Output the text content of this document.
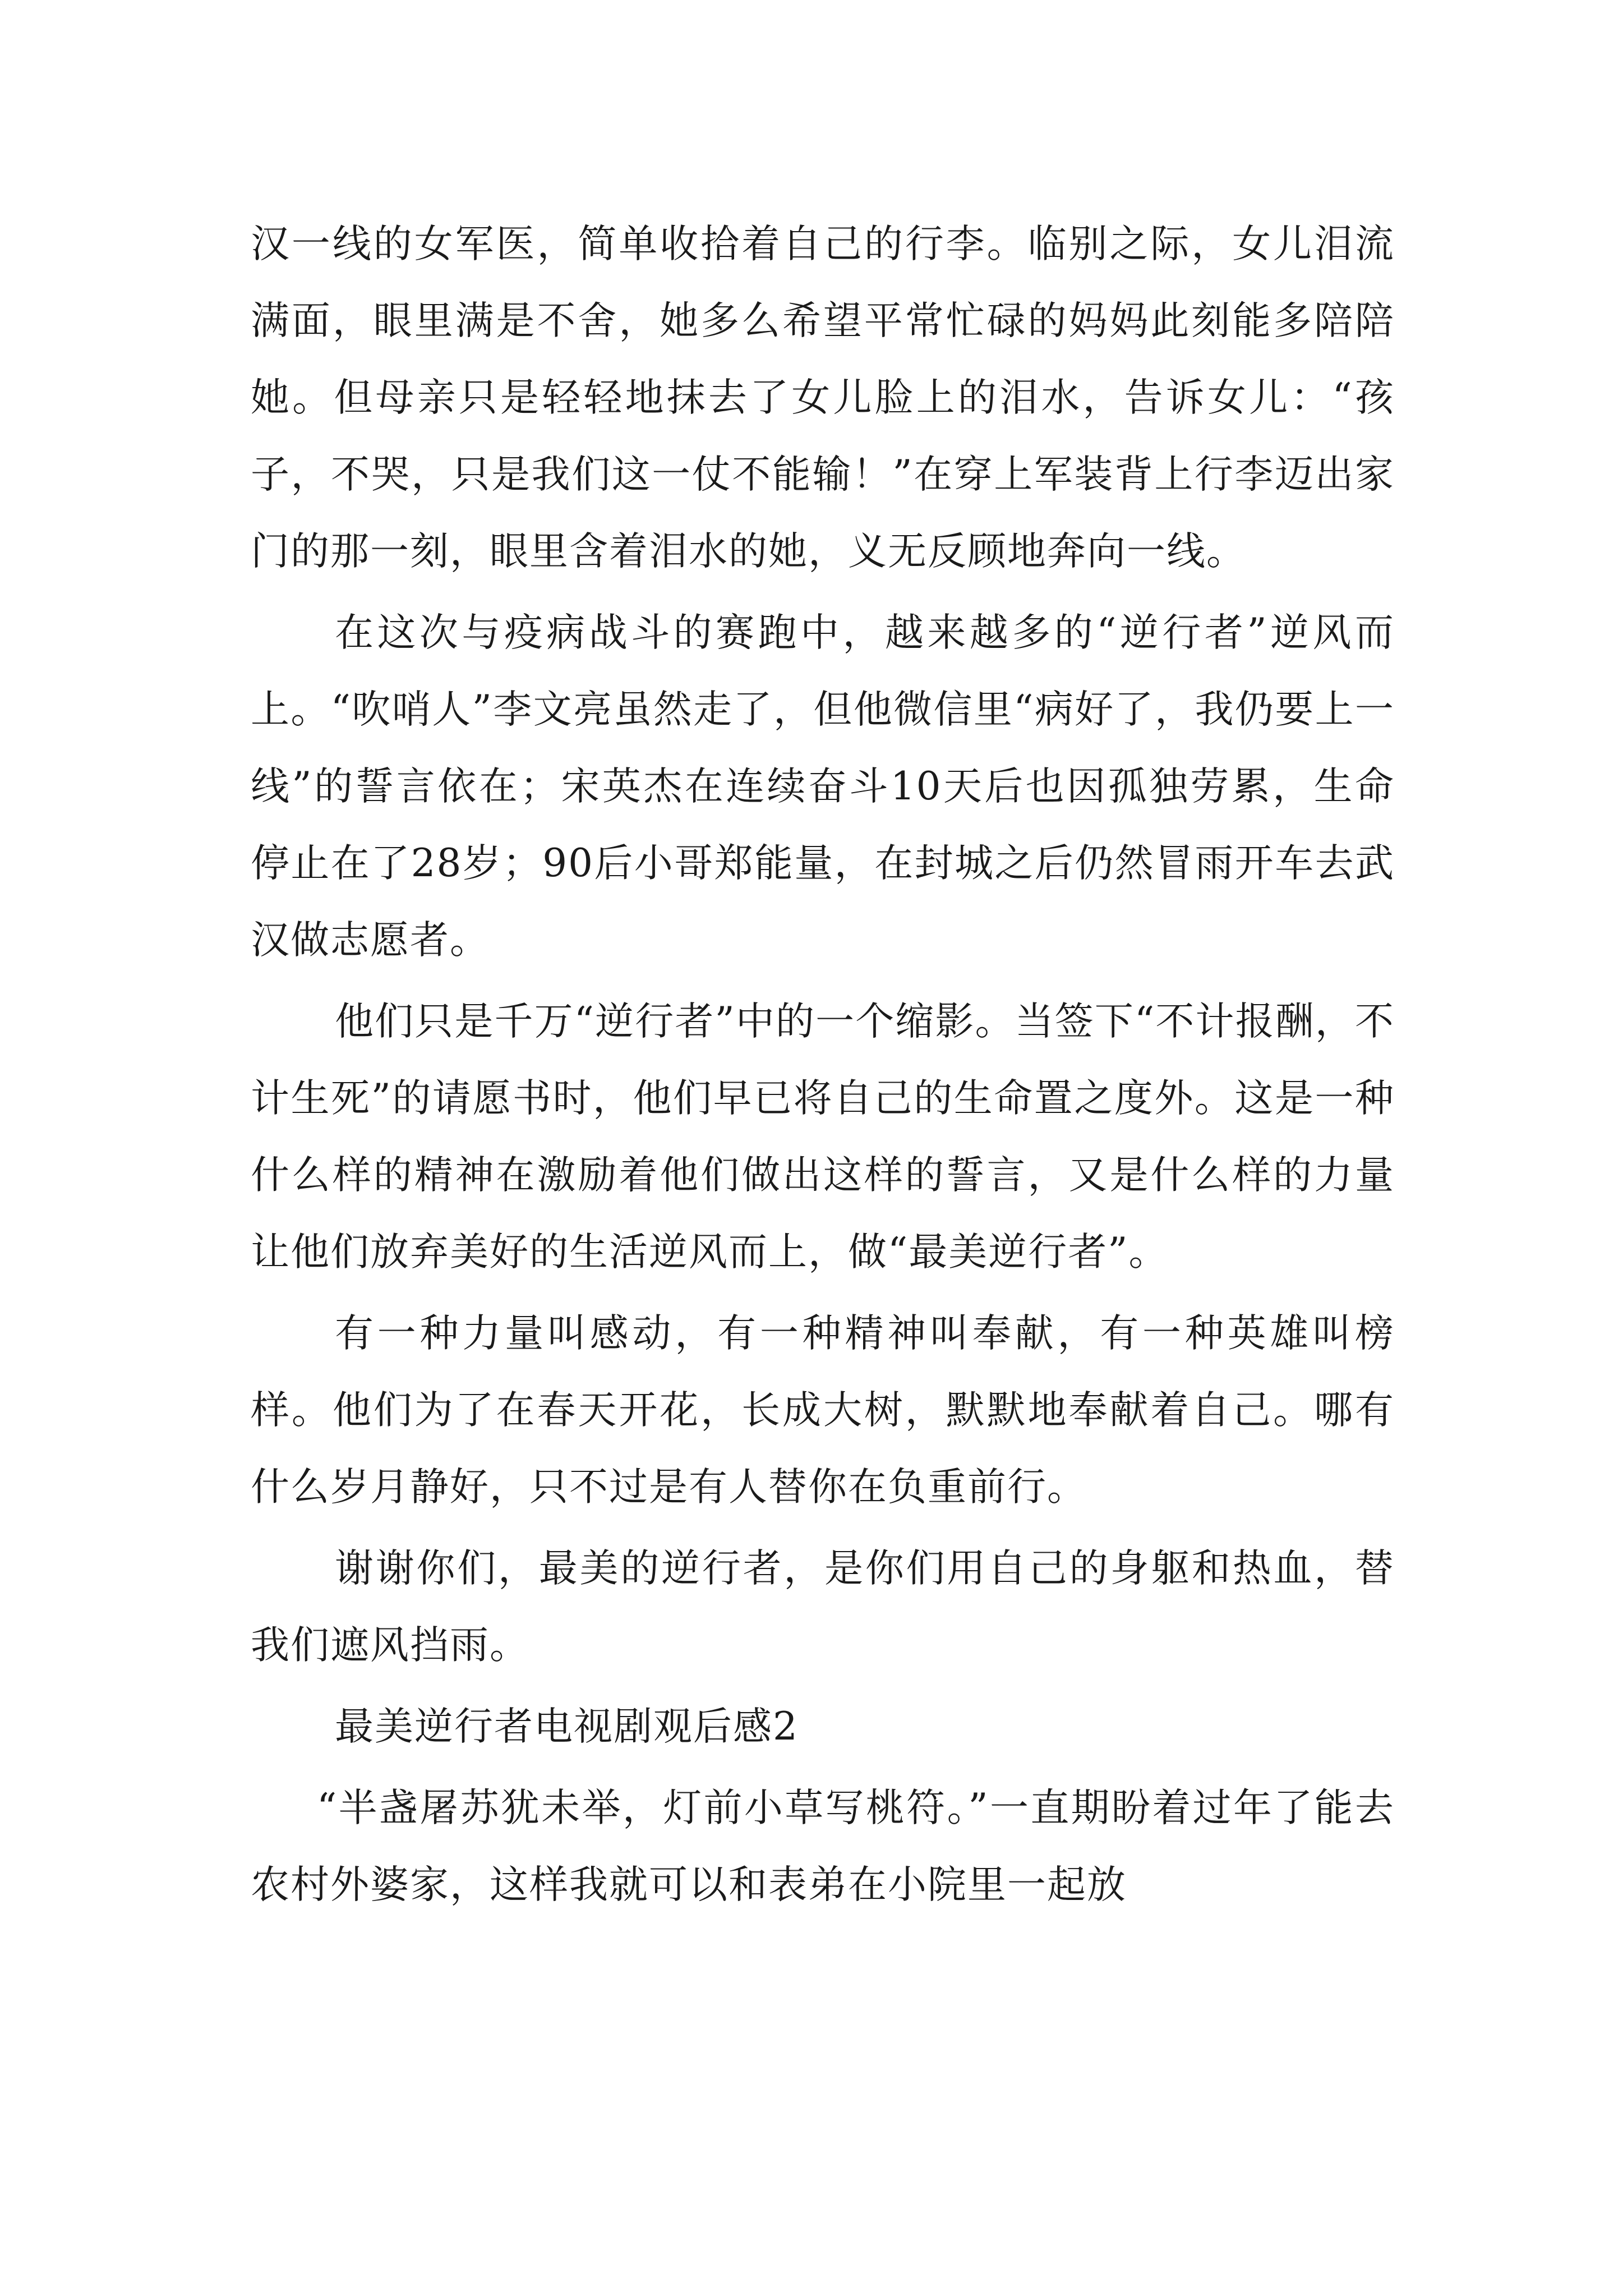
汉一线的女军医，简单收拾着自己的行李。临别之际，女儿泪流满面，眼里满是不舍，她多么希望平常忙碌的妈妈此刻能多陪陪她。但母亲只是轻轻地抹去了女儿脸上的泪水，告诉女儿：“孩子，不哭，只是我们这一仗不能输！”在穿上军装背上行李迈出家门的那一刻，眼里含着泪水的她，义无反顾地奔向一线。

在这次与疫病战斗的赛跑中，越来越多的“逆行者”逆风而上。“吹哨人”李文亮虽然走了，但他微信里“病好了，我仍要上一线”的誓言依在；宋英杰在连续奋斗10天后也因孤独劳累，生命停止在了28岁；90后小哥郑能量，在封城之后仍然冒雨开车去武汉做志愿者。

他们只是千万“逆行者”中的一个缩影。当签下“不计报酬，不计生死”的请愿书时，他们早已将自己的生命置之度外。这是一种什么样的精神在激励着他们做出这样的誓言，又是什么样的力量让他们放弃美好的生活逆风而上，做“最美逆行者”。

有一种力量叫感动，有一种精神叫奉献，有一种英雄叫榜样。他们为了在春天开花，长成大树，默默地奉献着自己。哪有什么岁月静好，只不过是有人替你在负重前行。

谢谢你们，最美的逆行者，是你们用自己的身躯和热血，替我们遮风挡雨。

最美逆行者电视剧观后感2

“半盏屠苏犹未举，灯前小草写桃符。”一直期盼着过年了能去农村外婆家，这样我就可以和表弟在小院里一起放
